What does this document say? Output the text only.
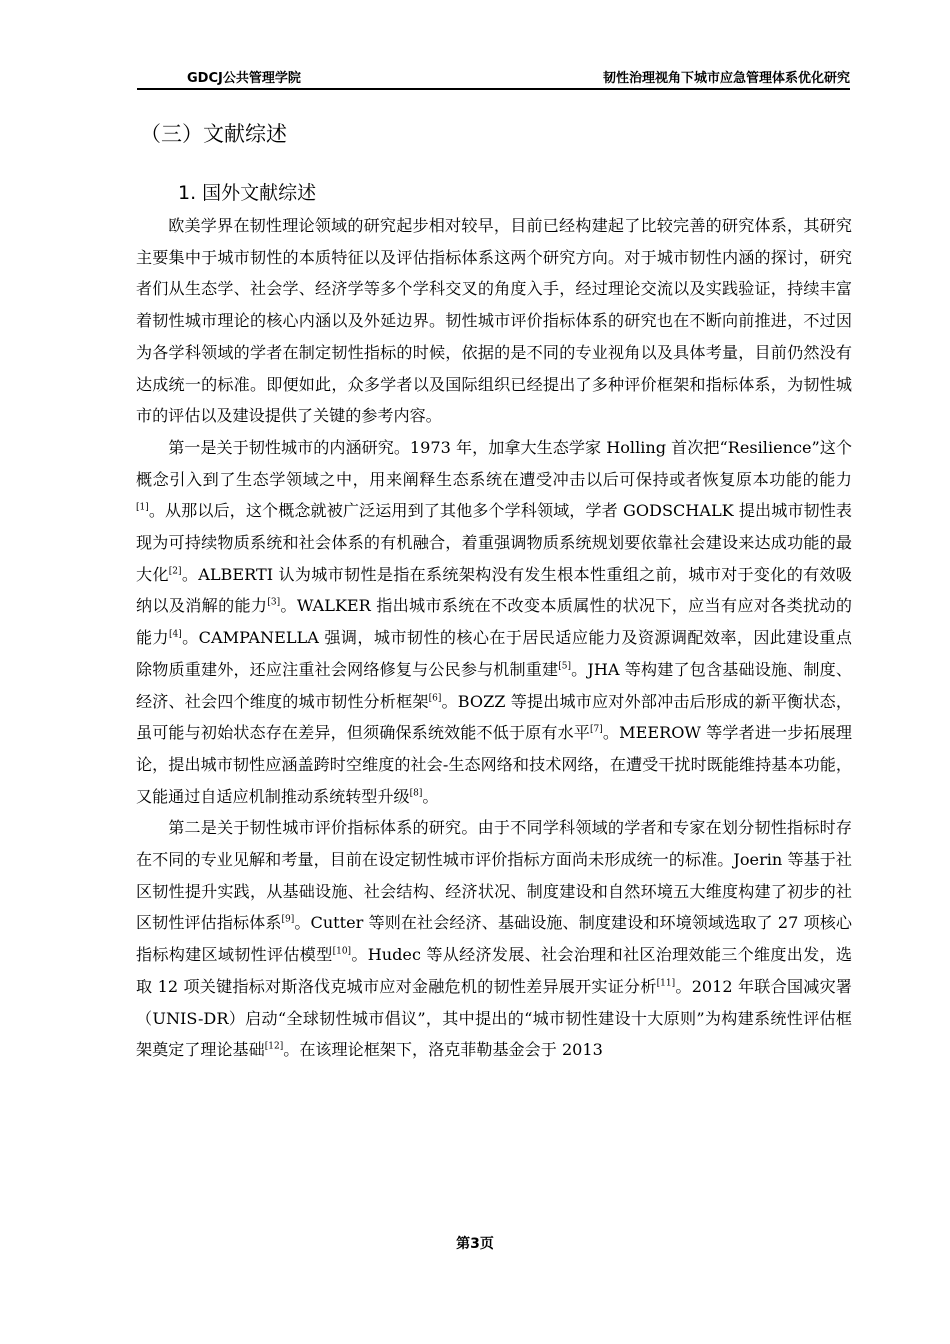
GDCJ公共管理学院	韧性治理视角下城市应急管理体系优化研究
（三）文献综述
1. 国外文献综述

欧美学界在韧性理论领域的研究起步相对较早，目前已经构建起了比较完善的研究体系，其研究主要集中于城市韧性的本质特征以及评估指标体系这两个研究方向。对于城市韧性内涵的探讨，研究者们从生态学、社会学、经济学等多个学科交叉的角度入手，经过理论交流以及实践验证，持续丰富着韧性城市理论的核心内涵以及外延边界。韧性城市评价指标体系的研究也在不断向前推进，不过因为各学科领域的学者在制定韧性指标的时候，依据的是不同的专业视角以及具体考量，目前仍然没有达成统一的标准。即便如此，众多学者以及国际组织已经提出了多种评价框架和指标体系，为韧性城市的评估以及建设提供了关键的参考内容。

第一是关于韧性城市的内涵研究。1973 年，加拿大生态学家 Holling 首次把“Resilience”这个概念引入到了生态学领域之中，用来阐释生态系统在遭受冲击以后可保持或者恢复原本功能的能力[1]。从那以后，这个概念就被广泛运用到了其他多个学科领域，学者 GODSCHALK 提出城市韧性表现为可持续物质系统和社会体系的有机融合，着重强调物质系统规划要依靠社会建设来达成功能的最大化[2]。ALBERTI 认为城市韧性是指在系统架构没有发生根本性重组之前，城市对于变化的有效吸纳以及消解的能力[3]。WALKER 指出城市系统在不改变本质属性的状况下，应当有应对各类扰动的能力[4]。CAMPANELLA 强调，城市韧性的核心在于居民适应能力及资源调配效率，因此建设重点除物质重建外，还应注重社会网络修复与公民参与机制重建[5]。JHA 等构建了包含基础设施、制度、经济、社会四个维度的城市韧性分析框架[6]。BOZZ 等提出城市应对外部冲击后形成的新平衡状态，虽可能与初始状态存在差异，但须确保系统效能不低于原有水平[7]。MEEROW 等学者进一步拓展理论，提出城市韧性应涵盖跨时空维度的社会-生态网络和技术网络，在遭受干扰时既能维持基本功能，又能通过自适应机制推动系统转型升级[8]。

第二是关于韧性城市评价指标体系的研究。由于不同学科领域的学者和专家在划分韧性指标时存在不同的专业见解和考量，目前在设定韧性城市评价指标方面尚未形成统一的标准。Joerin 等基于社区韧性提升实践，从基础设施、社会结构、经济状况、制度建设和自然环境五大维度构建了初步的社区韧性评估指标体系[9]。Cutter 等则在社会经济、基础设施、制度建设和环境领域选取了 27 项核心指标构建区域韧性评估模型[10]。Hudec 等从经济发展、社会治理和社区治理效能三个维度出发，选取 12 项关键指标对斯洛伐克城市应对金融危机的韧性差异展开实证分析[11]。2012 年联合国减灾署（UNIS-DR）启动“全球韧性城市倡议”，其中提出的“城市韧性建设十大原则”为构建系统性评估框架奠定了理论基础[12]。在该理论框架下，洛克菲勒基金会于 2013

第3页
